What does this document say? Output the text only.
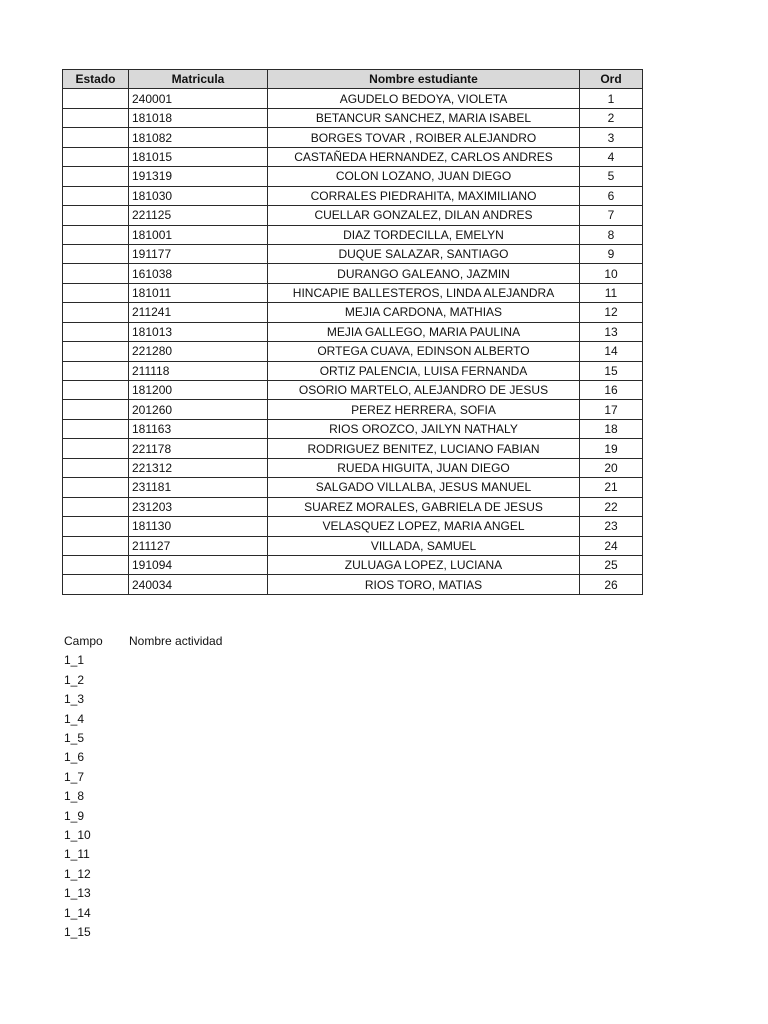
Estado	Matricula	Nombre estudiante	Ord
	240001	AGUDELO BEDOYA, VIOLETA	1
	181018	BETANCUR SANCHEZ, MARIA ISABEL	2
	181082	BORGES TOVAR , ROIBER ALEJANDRO	3
	181015	CASTAÑEDA HERNANDEZ, CARLOS ANDRES	4
	191319	COLON LOZANO, JUAN DIEGO	5
	181030	CORRALES PIEDRAHITA, MAXIMILIANO	6
	221125	CUELLAR GONZALEZ, DILAN ANDRES	7
	181001	DIAZ TORDECILLA, EMELYN	8
	191177	DUQUE SALAZAR, SANTIAGO	9
	161038	DURANGO GALEANO, JAZMIN	10
	181011	HINCAPIE BALLESTEROS, LINDA ALEJANDRA	11
	211241	MEJIA CARDONA, MATHIAS	12
	181013	MEJIA GALLEGO, MARIA PAULINA	13
	221280	ORTEGA CUAVA, EDINSON ALBERTO	14
	211118	ORTIZ PALENCIA, LUISA FERNANDA	15
	181200	OSORIO MARTELO, ALEJANDRO DE JESUS	16
	201260	PEREZ HERRERA, SOFIA	17
	181163	RIOS OROZCO, JAILYN NATHALY	18
	221178	RODRIGUEZ BENITEZ, LUCIANO FABIAN	19
	221312	RUEDA HIGUITA, JUAN DIEGO	20
	231181	SALGADO VILLALBA, JESUS MANUEL	21
	231203	SUAREZ MORALES, GABRIELA DE JESUS	22
	181130	VELASQUEZ LOPEZ, MARIA ANGEL	23
	211127	VILLADA, SAMUEL	24
	191094	ZULUAGA LOPEZ, LUCIANA	25
	240034	RIOS TORO, MATIAS	26
Campo	Nombre actividad
1_1
1_2
1_3
1_4
1_5
1_6
1_7
1_8
1_9
1_10
1_11
1_12
1_13
1_14
1_15
